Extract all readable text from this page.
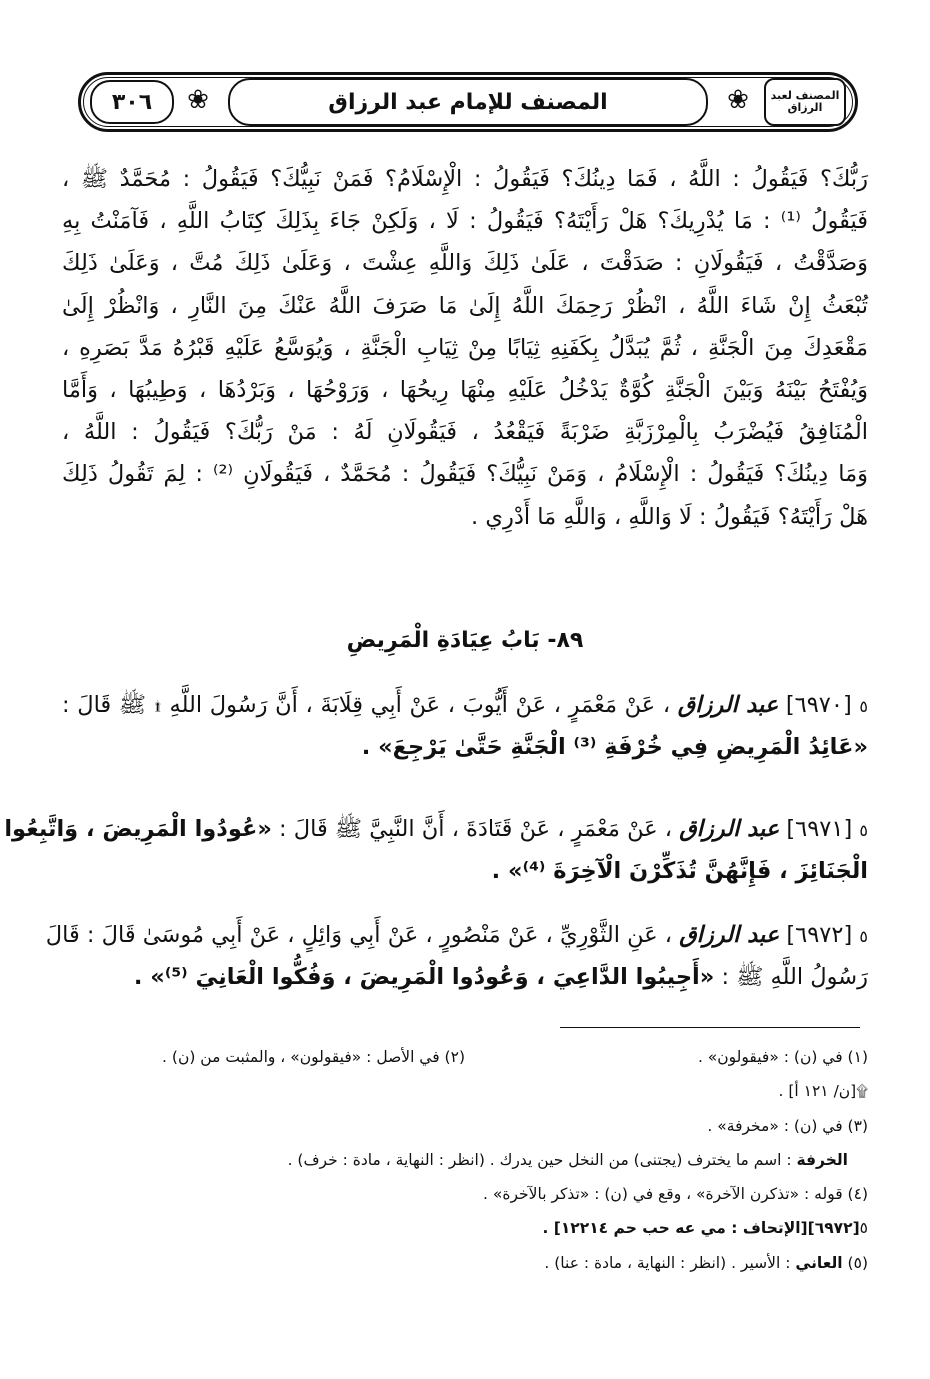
٣٠٦	❀	المصنف للإمام عبد الرزاق	❀	المصنف لعبد الرزاق
رَبُّكَ؟ فَيَقُولُ : اللَّهُ ، فَمَا دِينُكَ؟ فَيَقُولُ : الْإِسْلَامُ؟ فَمَنْ نَبِيُّكَ؟ فَيَقُولُ : مُحَمَّدٌ ﷺ ،
فَيَقُولُ ⁽¹⁾ : مَا يُدْرِيكَ؟ هَلْ رَأَيْتَهُ؟ فَيَقُولُ : لَا ، وَلَكِنْ جَاءَ بِذَلِكَ كِتَابُ اللَّهِ ، فَآمَنْتُ بِهِ
وَصَدَّقْتُ ، فَيَقُولَانِ : صَدَقْتَ ، عَلَىٰ ذَلِكَ وَاللَّهِ عِشْتَ ، وَعَلَىٰ ذَلِكَ مُتَّ ، وَعَلَىٰ ذَلِكَ
تُبْعَثُ إِنْ شَاءَ اللَّهُ ، انْظُرْ رَحِمَكَ اللَّهُ إِلَىٰ مَا صَرَفَ اللَّهُ عَنْكَ مِنَ النَّارِ ، وَانْظُرْ إِلَىٰ
مَقْعَدِكَ مِنَ الْجَنَّةِ ، ثُمَّ يُبَدَّلُ بِكَفَنِهِ ثِيَابًا مِنْ ثِيَابِ الْجَنَّةِ ، وَيُوَسَّعُ عَلَيْهِ قَبْرُهُ مَدَّ بَصَرِهِ ،
وَيُفْتَحُ بَيْنَهُ وَبَيْنَ الْجَنَّةِ كُوَّةٌ يَدْخُلُ عَلَيْهِ مِنْهَا رِيحُهَا ، وَرَوْحُهَا ، وَبَرْدُهَا ، وَطِيبُهَا ، وَأَمَّا
الْمُنَافِقُ فَيُضْرَبُ بِالْمِرْزَبَّةِ ضَرْبَةً فَيَقْعُدُ ، فَيَقُولَانِ لَهُ : مَنْ رَبُّكَ؟ فَيَقُولُ : اللَّهُ ،
وَمَا دِينُكَ؟ فَيَقُولُ : الْإِسْلَامُ ، وَمَنْ نَبِيُّكَ؟ فَيَقُولُ : مُحَمَّدٌ ، فَيَقُولَانِ ⁽²⁾ : لِمَ تَقُولُ ذَلِكَ
هَلْ رَأَيْتَهُ؟ فَيَقُولُ : لَا وَاللَّهِ ، وَاللَّهِ مَا أَدْرِي .
٨٩- بَابُ عِيَادَةِ الْمَرِيضِ
٥ [٦٩٧٠] عبد الرزاق ، عَنْ مَعْمَرٍ ، عَنْ أَيُّوبَ ، عَنْ أَبِي قِلَابَةَ ، أَنَّ رَسُولَ اللَّهِ ۩ ﷺ قَالَ :
«عَائِدُ الْمَرِيضِ فِي خُرْفَةِ ⁽³⁾ الْجَنَّةِ حَتَّىٰ يَرْجِعَ» .
٥ [٦٩٧١] عبد الرزاق ، عَنْ مَعْمَرٍ ، عَنْ قَتَادَةَ ، أَنَّ النَّبِيَّ ﷺ قَالَ : «عُودُوا الْمَرِيضَ ، وَاتَّبِعُوا
الْجَنَائِزَ ، فَإِنَّهُنَّ تُذَكِّرْنَ الْآخِرَةَ ⁽⁴⁾» .
٥ [٦٩٧٢] عبد الرزاق ، عَنِ الثَّوْرِيِّ ، عَنْ مَنْصُورٍ ، عَنْ أَبِي وَائِلٍ ، عَنْ أَبِي مُوسَىٰ قَالَ : قَالَ
رَسُولُ اللَّهِ ﷺ : «أَجِيبُوا الدَّاعِيَ ، وَعُودُوا الْمَرِيضَ ، وَفُكُّوا الْعَانِيَ ⁽⁵⁾» .
(١) في (ن) : «فيقولون» .
(٢) في الأصل : «فيقولون» ، والمثبت من (ن) .
۩[ن/ ١٢١ أ] .
(٣) في (ن) : «مخرفة» .
الخرفة : اسم ما يخترف (يجتنى) من النخل حين يدرك . (انظر : النهاية ، مادة : خرف) .
(٤) قوله : «تذكرن الآخرة» ، وقع في (ن) : «تذكر بالآخرة» .
٥[٦٩٧٢][الإتحاف : مي عه حب حم ١٢٢١٤] .
(٥) العاني : الأسير . (انظر : النهاية ، مادة : عنا) .
